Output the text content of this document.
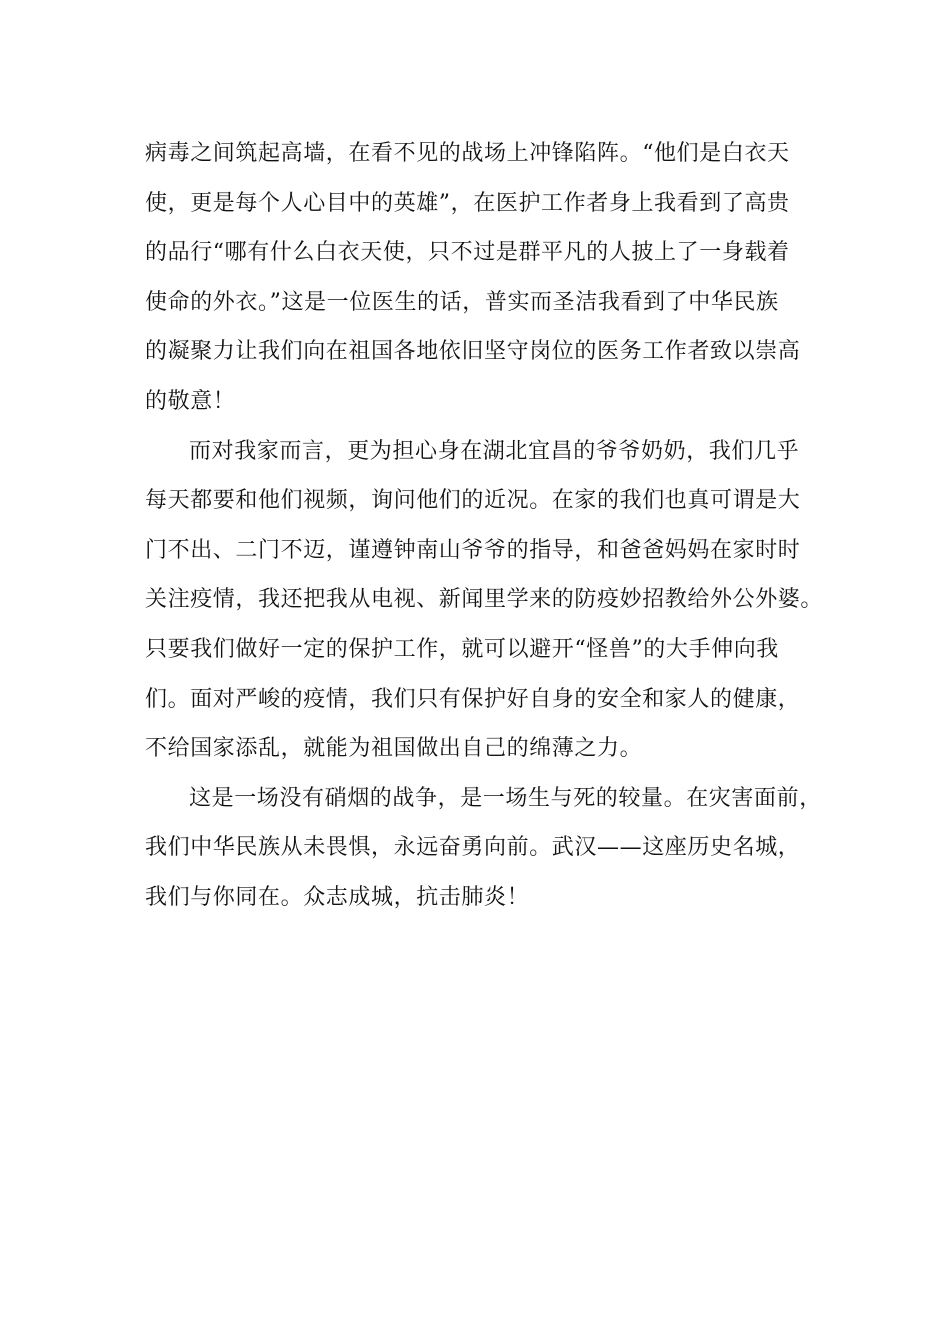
病毒之间筑起高墙，在看不见的战场上冲锋陷阵。“他们是白衣天
使，更是每个人心目中的英雄”，在医护工作者身上我看到了高贵
的品行“哪有什么白衣天使，只不过是群平凡的人披上了一身载着
使命的外衣。”这是一位医生的话，普实而圣洁我看到了中华民族
的凝聚力让我们向在祖国各地依旧坚守岗位的医务工作者致以崇高
的敬意！
而对我家而言，更为担心身在湖北宜昌的爷爷奶奶，我们几乎
每天都要和他们视频，询问他们的近况。在家的我们也真可谓是大
门不出、二门不迈，谨遵钟南山爷爷的指导，和爸爸妈妈在家时时
关注疫情，我还把我从电视、新闻里学来的防疫妙招教给外公外婆。
只要我们做好一定的保护工作，就可以避开“怪兽”的大手伸向我
们。面对严峻的疫情，我们只有保护好自身的安全和家人的健康，
不给国家添乱，就能为祖国做出自己的绵薄之力。
这是一场没有硝烟的战争，是一场生与死的较量。在灾害面前，
我们中华民族从未畏惧，永远奋勇向前。武汉——这座历史名城，
我们与你同在。众志成城，抗击肺炎！
